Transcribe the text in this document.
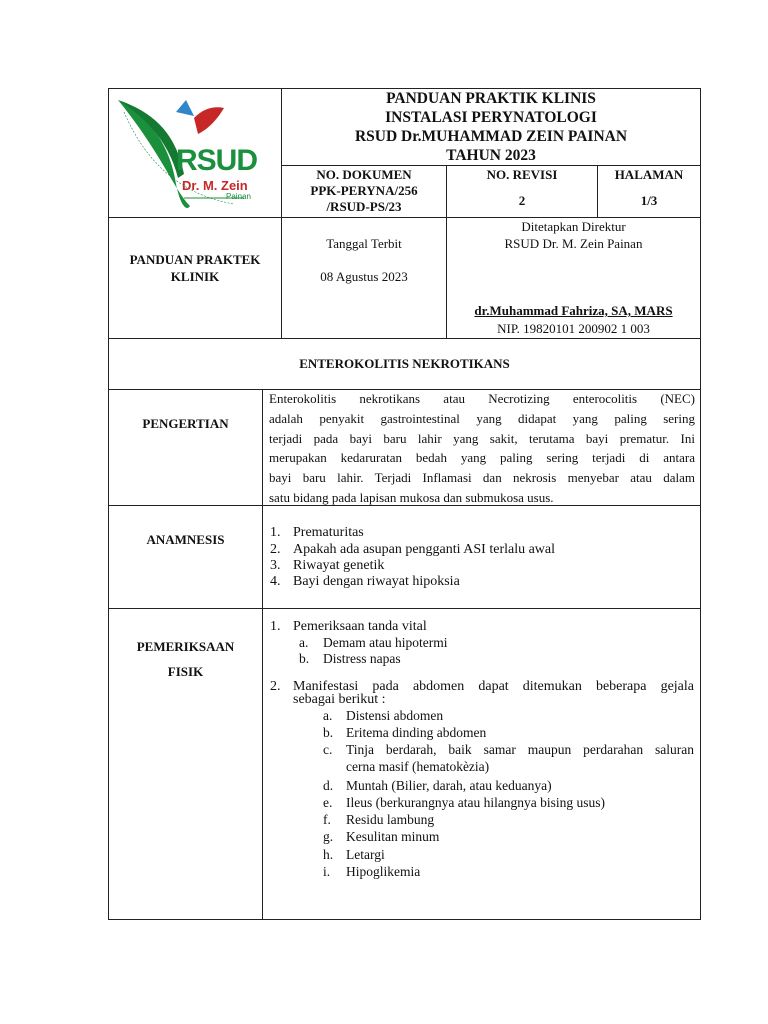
RSUD
Dr. M. Zein
Painan
PANDUAN PRAKTIK KLINIS
INSTALASI PERYNATOLOGI
RSUD Dr.MUHAMMAD ZEIN PAINAN
TAHUN 2023
NO. DOKUMEN
PPK-PERYNA/256
/RSUD-PS/23
NO. REVISI
2
HALAMAN
1/3
PANDUAN PRAKTEK
KLINIK
Tanggal Terbit
08 Agustus 2023
Ditetapkan Direktur
RSUD Dr. M. Zein Painan
dr.Muhammad Fahriza, SA, MARS
NIP. 19820101 200902 1 003
ENTEROKOLITIS NEKROTIKANS
PENGERTIAN
Enterokolitis nekrotikans atau Necrotizing enterocolitis (NEC)
adalah penyakit gastrointestinal yang didapat yang paling sering
terjadi pada bayi baru lahir yang sakit, terutama bayi prematur. Ini
merupakan kedaruratan bedah yang paling sering terjadi di antara
bayi baru lahir. Terjadi Inflamasi dan nekrosis menyebar atau dalam
satu bidang pada lapisan mukosa dan submukosa usus.
ANAMNESIS	1. Prematuritas
2. Apakah ada asupan pengganti ASI terlalu awal
3. Riwayat genetik
4. Bayi dengan riwayat hipoksia
PEMERIKSAAN
FISIK
1. Pemeriksaan tanda vital
a. Demam atau hipotermi
b. Distress napas
2. Manifestasi pada abdomen dapat ditemukan beberapa gejala
sebagai berikut :
a. Distensi abdomen
b. Eritema dinding abdomen
c. Tinja berdarah, baik samar maupun perdarahan saluran
cerna masif (hematokèzia)
d. Muntah (Bilier, darah, atau keduanya)
e. Ileus (berkurangnya atau hilangnya bising usus)
f. Residu lambung
g. Kesulitan minum
h. Letargi
i. Hipoglikemia
